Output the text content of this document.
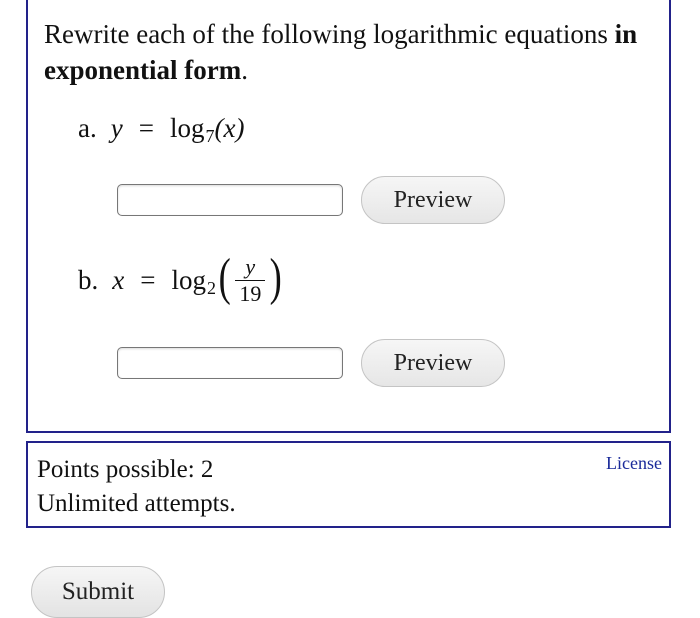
Rewrite each of the following logarithmic equations in exponential form.
a. y = log 7 (x)
Preview
b. x = log 2 ( $\frac{y}{19}$ )
Preview
Points possible: 2
Unlimited attempts.
License
Submit
